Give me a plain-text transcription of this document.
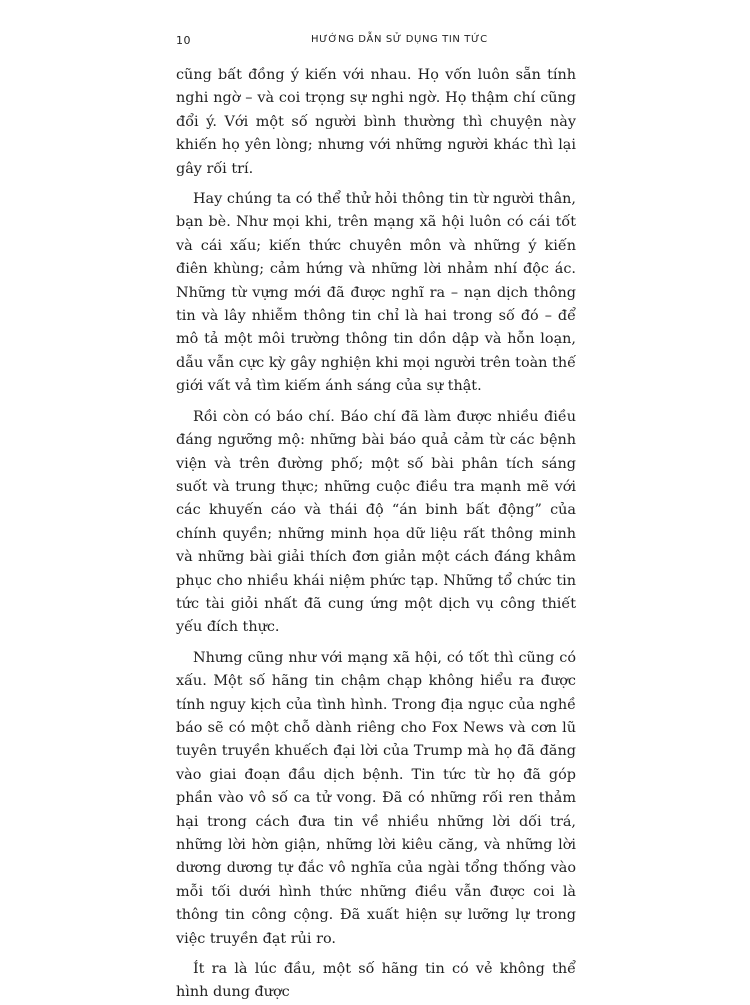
10	HƯỚNG DẪN SỬ DỤNG TIN TỨC

cũng bất đồng ý kiến với nhau. Họ vốn luôn sẵn tính nghi ngờ – và coi trọng sự nghi ngờ. Họ thậm chí cũng đổi ý. Với một số người bình thường thì chuyện này khiến họ yên lòng; nhưng với những người khác thì lại gây rối trí.

Hay chúng ta có thể thử hỏi thông tin từ người thân, bạn bè. Như mọi khi, trên mạng xã hội luôn có cái tốt và cái xấu; kiến thức chuyên môn và những ý kiến điên khùng; cảm hứng và những lời nhảm nhí độc ác. Những từ vựng mới đã được nghĩ ra – nạn dịch thông tin và lây nhiễm thông tin chỉ là hai trong số đó – để mô tả một môi trường thông tin dồn dập và hỗn loạn, dẫu vẫn cực kỳ gây nghiện khi mọi người trên toàn thế giới vất vả tìm kiếm ánh sáng của sự thật.

Rồi còn có báo chí. Báo chí đã làm được nhiều điều đáng ngưỡng mộ: những bài báo quả cảm từ các bệnh viện và trên đường phố; một số bài phân tích sáng suốt và trung thực; những cuộc điều tra mạnh mẽ với các khuyến cáo và thái độ “án binh bất động” của chính quyền; những minh họa dữ liệu rất thông minh và những bài giải thích đơn giản một cách đáng khâm phục cho nhiều khái niệm phức tạp. Những tổ chức tin tức tài giỏi nhất đã cung ứng một dịch vụ công thiết yếu đích thực.

Nhưng cũng như với mạng xã hội, có tốt thì cũng có xấu. Một số hãng tin chậm chạp không hiểu ra được tính nguy kịch của tình hình. Trong địa ngục của nghề báo sẽ có một chỗ dành riêng cho Fox News và cơn lũ tuyên truyền khuếch đại lời của Trump mà họ đã đăng vào giai đoạn đầu dịch bệnh. Tin tức từ họ đã góp phần vào vô số ca tử vong. Đã có những rối ren thảm hại trong cách đưa tin về nhiều những lời dối trá, những lời hờn giận, những lời kiêu căng, và những lời dương dương tự đắc vô nghĩa của ngài tổng thống vào mỗi tối dưới hình thức những điều vẫn được coi là thông tin công cộng. Đã xuất hiện sự lưỡng lự trong việc truyền đạt rủi ro.

Ít ra là lúc đầu, một số hãng tin có vẻ không thể hình dung được
